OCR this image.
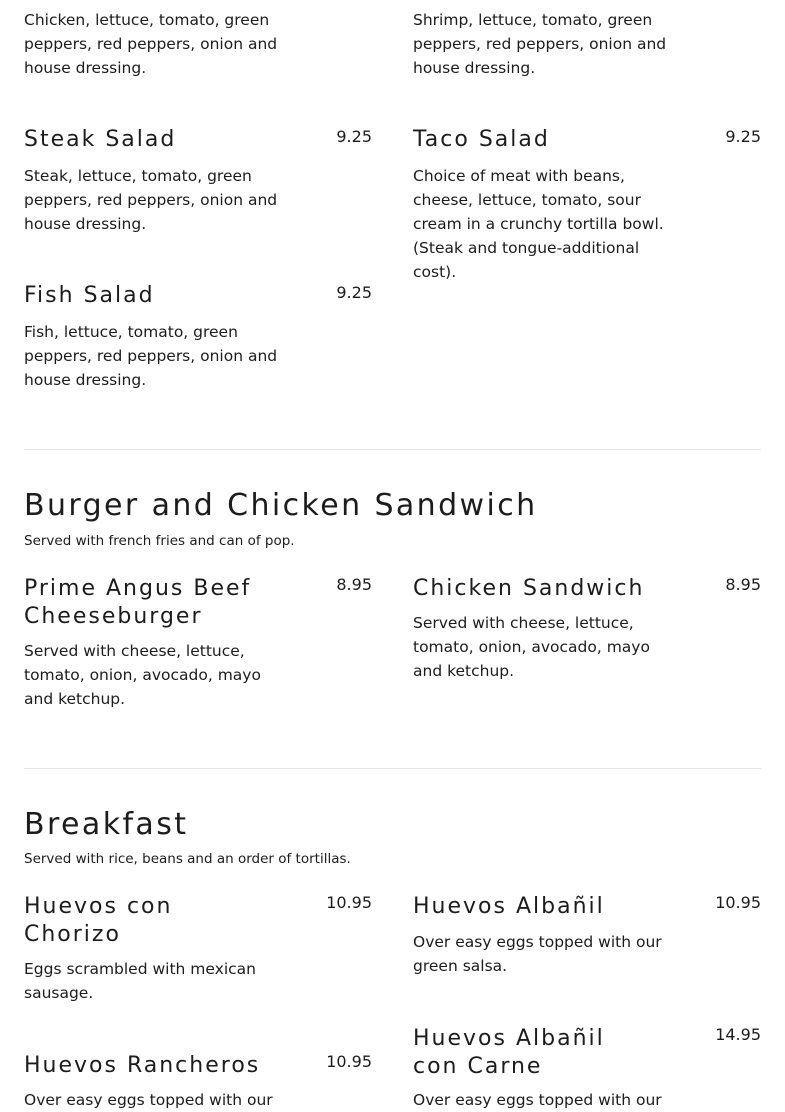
Chicken, lettuce, tomato, green peppers, red peppers, onion and house dressing.
Shrimp, lettuce, tomato, green peppers, red peppers, onion and house dressing.
Steak Salad	9.25
Steak, lettuce, tomato, green peppers, red peppers, onion and house dressing.
Taco Salad	9.25
Choice of meat with beans, cheese, lettuce, tomato, sour cream in a crunchy tortilla bowl. (Steak and tongue-additional cost).
Fish Salad	9.25
Fish, lettuce, tomato, green peppers, red peppers, onion and house dressing.
Burger and Chicken Sandwich
Served with french fries and can of pop.
Prime Angus Beef
Cheeseburger
8.95
Served with cheese, lettuce, tomato, onion, avocado, mayo and ketchup.
Chicken Sandwich	8.95
Served with cheese, lettuce, tomato, onion, avocado, mayo and ketchup.
Breakfast
Served with rice, beans and an order of tortillas.
Huevos con
Chorizo
10.95
Eggs scrambled with mexican sausage.
Huevos Albañil	10.95
Over easy eggs topped with our green salsa.
Huevos Rancheros	10.95
Over easy eggs topped with our
Huevos Albañil
con Carne
14.95
Over easy eggs topped with our
